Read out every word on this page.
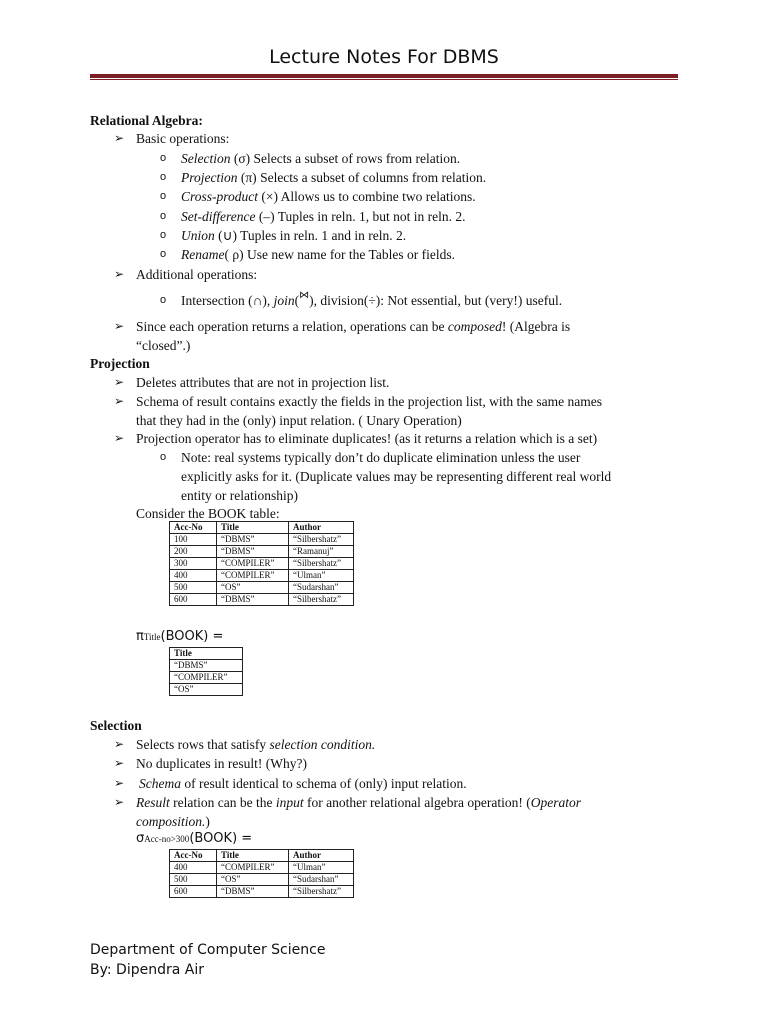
Lecture Notes For DBMS
Relational Algebra:
➢ Basic operations:
o Selection (σ) Selects a subset of rows from relation.
o Projection (π) Selects a subset of columns from relation.
o Cross-product (×) Allows us to combine two relations.
o Set-difference (–) Tuples in reln. 1, but not in reln. 2.
o Union (∪) Tuples in reln. 1 and in reln. 2.
o Rename( ρ) Use new name for the Tables or fields.
➢ Additional operations:
o Intersection (∩), join(⋈), division(÷): Not essential, but (very!) useful.
➢ Since each operation returns a relation, operations can be composed! (Algebra is
“closed”.)
Projection
➢ Deletes attributes that are not in projection list.
➢ Schema of result contains exactly the fields in the projection list, with the same names
that they had in the (only) input relation. ( Unary Operation)
➢ Projection operator has to eliminate duplicates! (as it returns a relation which is a set)
o Note: real systems typically don’t do duplicate elimination unless the user
explicitly asks for it. (Duplicate values may be representing different real world
entity or relationship)
Consider the BOOK table:
Acc-No	Title	Author
100	“DBMS”	“Silbershatz”
200	“DBMS”	“Ramanuj”
300	“COMPILER”	“Silbershatz”
400	“COMPILER”	“Ulman”
500	“OS”	“Sudarshan”
600	“DBMS”	“Silbershatz”
πTitle(BOOK) =
Title
“DBMS”
“COMPILER”
“OS”
Selection
➢ Selects rows that satisfy selection condition.
➢ No duplicates in result! (Why?)
➢ Schema of result identical to schema of (only) input relation.
➢ Result relation can be the input for another relational algebra operation! (Operator
composition.)
σAcc-no>300(BOOK) =
Acc-No	Title	Author
400	“COMPILER”	“Ulman”
500	“OS”	“Sudarshan”
600	“DBMS”	“Silbershatz”
Department of Computer Science
By: Dipendra Air
